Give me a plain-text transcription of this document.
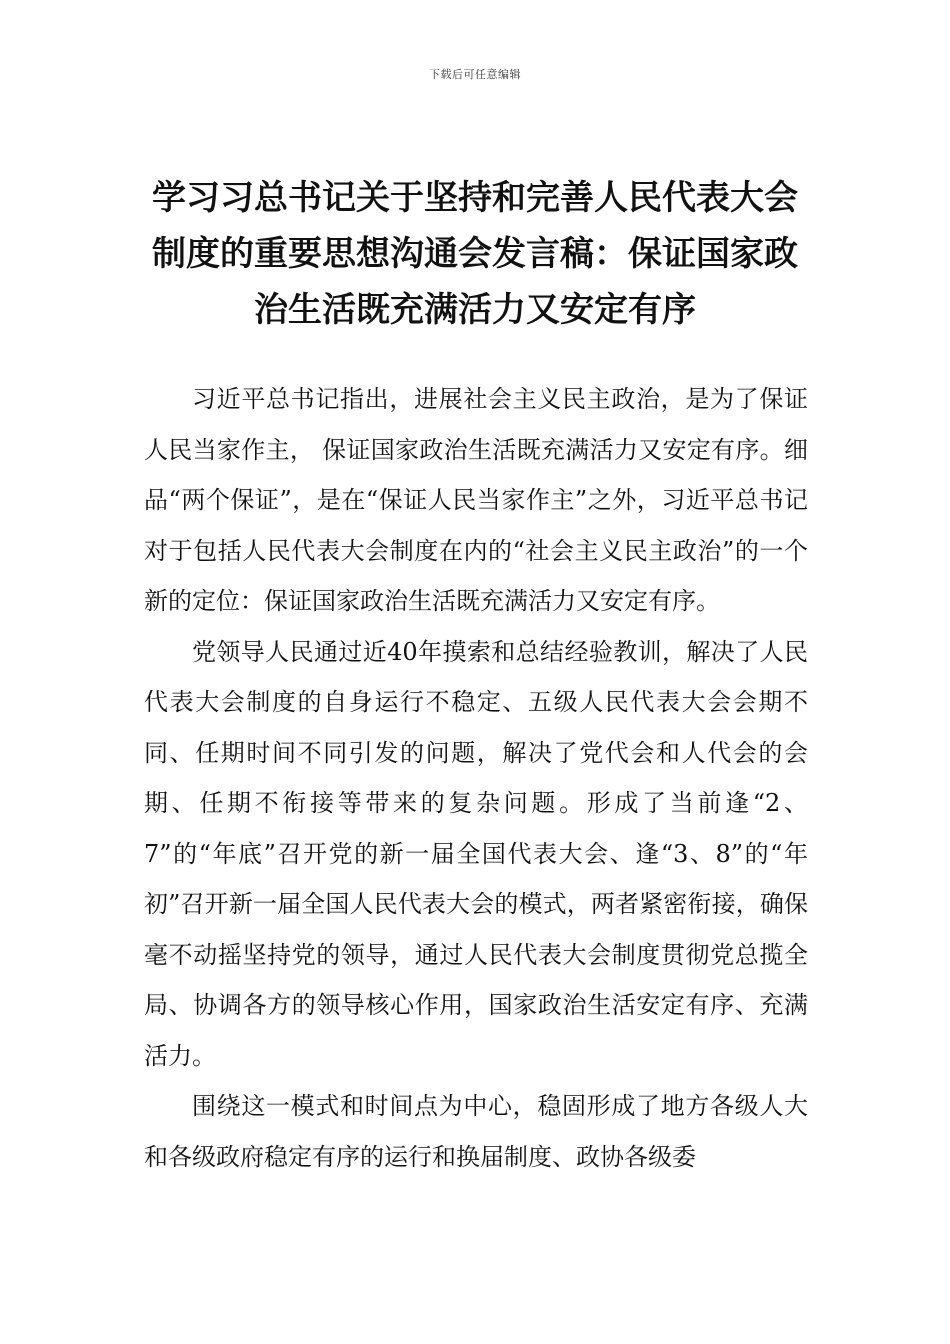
下载后可任意编辑
学习习总书记关于坚持和完善人民代表大会制度的重要思想沟通会发言稿：保证国家政治生活既充满活力又安定有序

习近平总书记指出，进展社会主义民主政治，是为了保证人民当家作主， 保证国家政治生活既充满活力又安定有序。细品“两个保证”，是在“保证人民当家作主”之外，习近平总书记对于包括人民代表大会制度在内的“社会主义民主政治”的一个新的定位：保证国家政治生活既充满活力又安定有序。

党领导人民通过近40年摸索和总结经验教训，解决了人民代表大会制度的自身运行不稳定、五级人民代表大会会期不同、任期时间不同引发的问题，解决了党代会和人代会的会期、任期不衔接等带来的复杂问题。形成了当前逢“2、7”的“年底”召开党的新一届全国代表大会、逢“3、8”的“年初”召开新一届全国人民代表大会的模式，两者紧密衔接，确保毫不动摇坚持党的领导，通过人民代表大会制度贯彻党总揽全局、协调各方的领导核心作用，国家政治生活安定有序、充满活力。

围绕这一模式和时间点为中心，稳固形成了地方各级人大和各级政府稳定有序的运行和换届制度、政协各级委
